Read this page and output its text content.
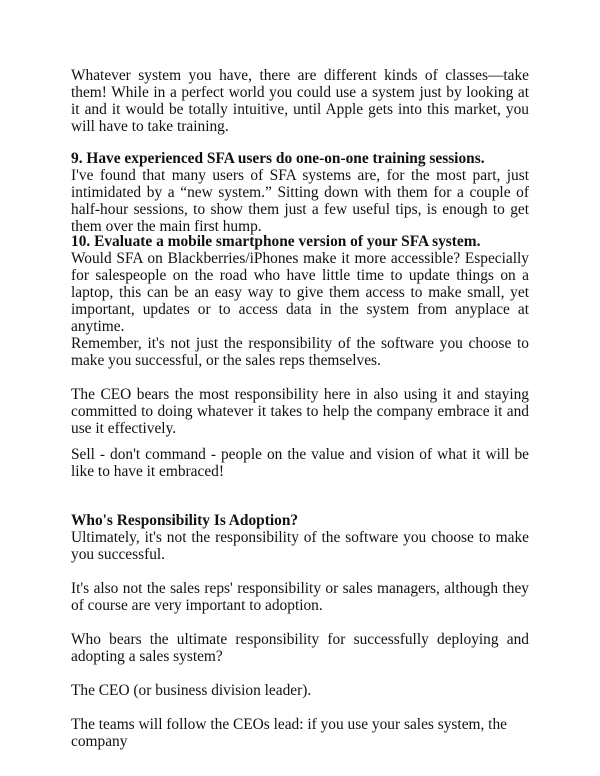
Whatever system you have, there are different kinds of classes—take them! While in a perfect world you could use a system just by looking at it and it would be totally intuitive, until Apple gets into this market, you will have to take training.
9. Have experienced SFA users do one-on-one training sessions.
I've found that many users of SFA systems are, for the most part, just intimidated by a “new system.” Sitting down with them for a couple of half-hour sessions, to show them just a few useful tips, is enough to get them over the main first hump.
10. Evaluate a mobile smartphone version of your SFA system.
Would SFA on Blackberries/iPhones make it more accessible? Especially for salespeople on the road who have little time to update things on a laptop, this can be an easy way to give them access to make small, yet important, updates or to access data in the system from anyplace at anytime.
Remember, it's not just the responsibility of the software you choose to make you successful, or the sales reps themselves.
The CEO bears the most responsibility here in also using it and staying committed to doing whatever it takes to help the company embrace it and use it effectively.
Sell - don't command - people on the value and vision of what it will be like to have it embraced!
Who's Responsibility Is Adoption?
Ultimately, it's not the responsibility of the software you choose to make you successful.
It's also not the sales reps' responsibility or sales managers, although they of course are very important to adoption.
Who bears the ultimate responsibility for successfully deploying and adopting a sales system?
The CEO (or business division leader).
The teams will follow the CEOs lead: if you use your sales system, the company
